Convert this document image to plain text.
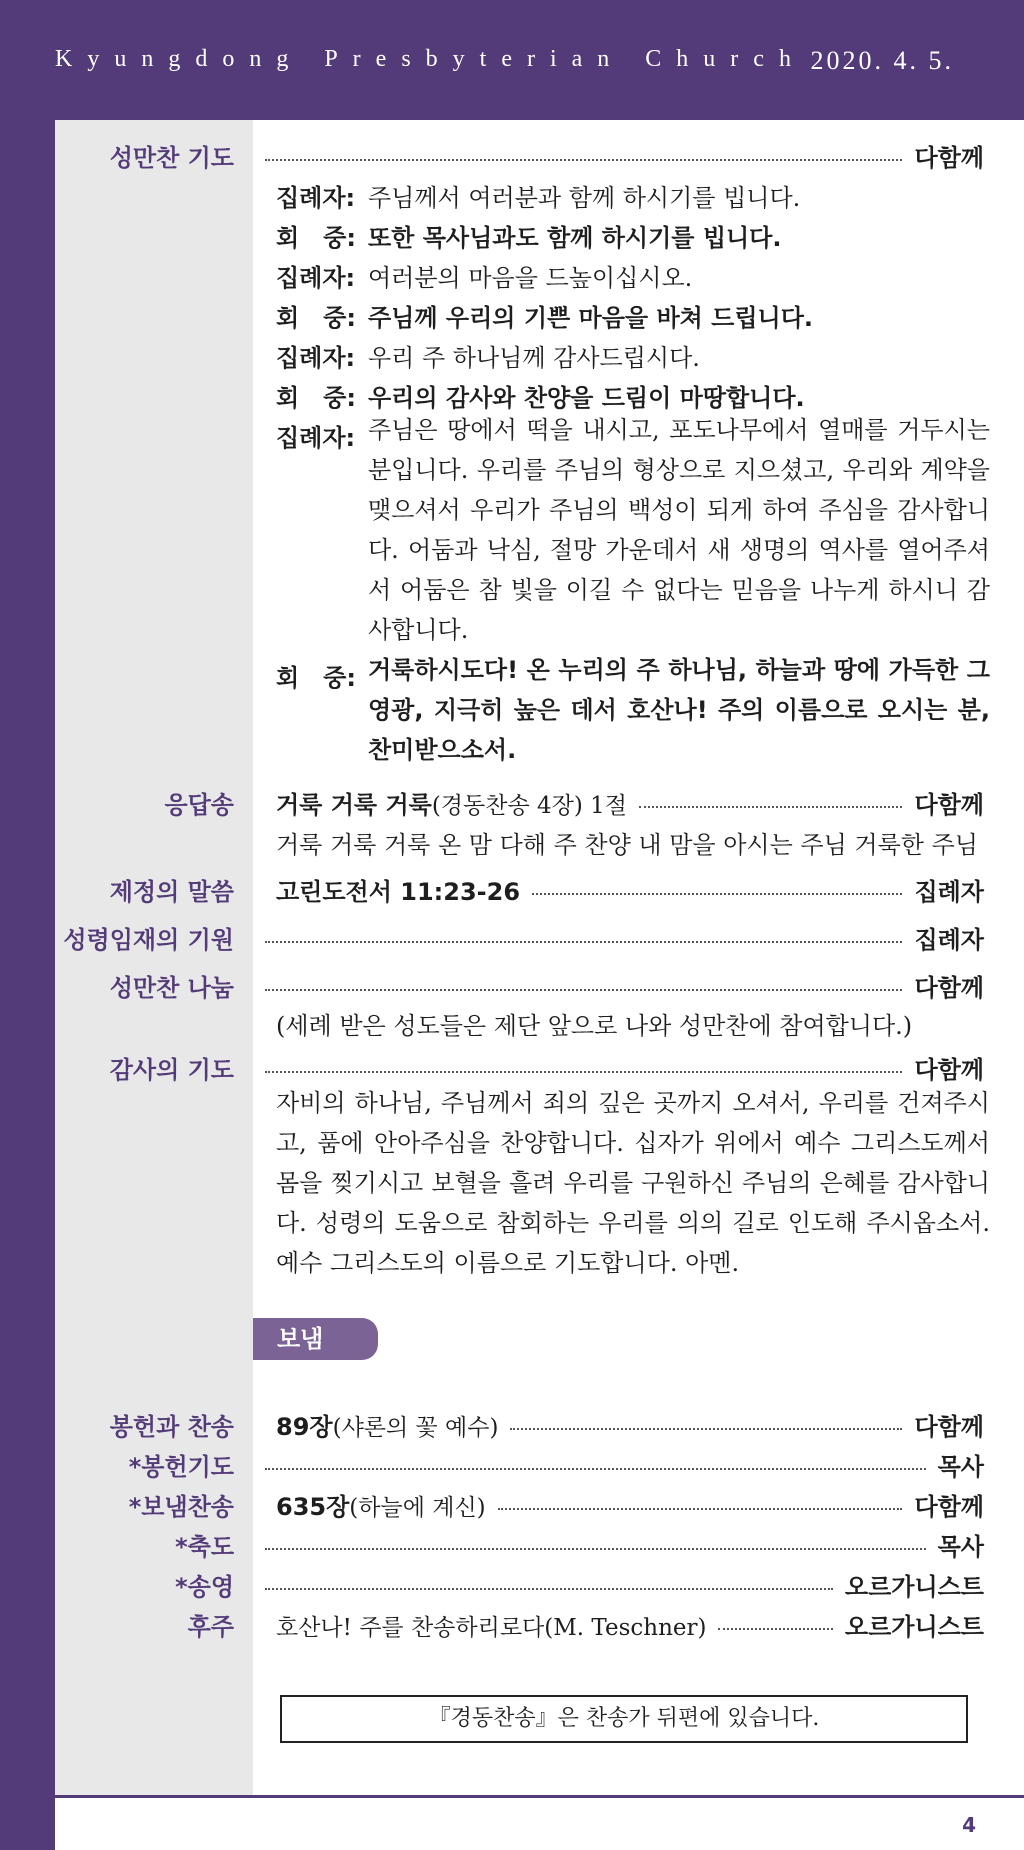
Kyungdong Presbyterian Church 2020. 4. 5.
성만찬 기도	다함께
집례자: 주님께서 여러분과 함께 하시기를 빕니다.
회　중: 또한 목사님과도 함께 하시기를 빕니다.
집례자: 여러분의 마음을 드높이십시오.
회　중: 주님께 우리의 기쁜 마음을 바쳐 드립니다.
집례자: 우리 주 하나님께 감사드립시다.
회　중: 우리의 감사와 찬양을 드림이 마땅합니다.
집례자: 주님은 땅에서 떡을 내시고, 포도나무에서 열매를 거두시는 분입니다. 우리를 주님의 형상으로 지으셨고, 우리와 계약을 맺으셔서 우리가 주님의 백성이 되게 하여 주심을 감사합니다. 어둠과 낙심, 절망 가운데서 새 생명의 역사를 열어주셔서 어둠은 참 빛을 이길 수 없다는 믿음을 나누게 하시니 감사합니다.
회　중: 거룩하시도다! 온 누리의 주 하나님, 하늘과 땅에 가득한 그 영광, 지극히 높은 데서 호산나! 주의 이름으로 오시는 분, 찬미받으소서.
응답송 거룩 거룩 거룩 (경동찬송 4장) 1절	다함께
거룩 거룩 거룩 온 맘 다해 주 찬양 내 맘을 아시는 주님 거룩한 주님
제정의 말씀 고린도전서 11:23-26	집례자
성령임재의 기원	집례자
성만찬 나눔	다함께
(세례 받은 성도들은 제단 앞으로 나와 성만찬에 참여합니다.)
감사의 기도	다함께
자비의 하나님, 주님께서 죄의 깊은 곳까지 오셔서, 우리를 건져주시고, 품에 안아주심을 찬양합니다. 십자가 위에서 예수 그리스도께서 몸을 찢기시고 보혈을 흘려 우리를 구원하신 주님의 은혜를 감사합니다. 성령의 도움으로 참회하는 우리를 의의 길로 인도해 주시옵소서. 예수 그리스도의 이름으로 기도합니다. 아멘.
보냄
봉헌과 찬송 89장 (샤론의 꽃 예수)	다함께
*봉헌기도	목사
*보냄찬송 635장 (하늘에 계신)	다함께
*축도	목사
*송영	오르가니스트
후주 호산나! 주를 찬송하리로다(M. Teschner)	오르가니스트
『경동찬송』은 찬송가 뒤편에 있습니다.
4
